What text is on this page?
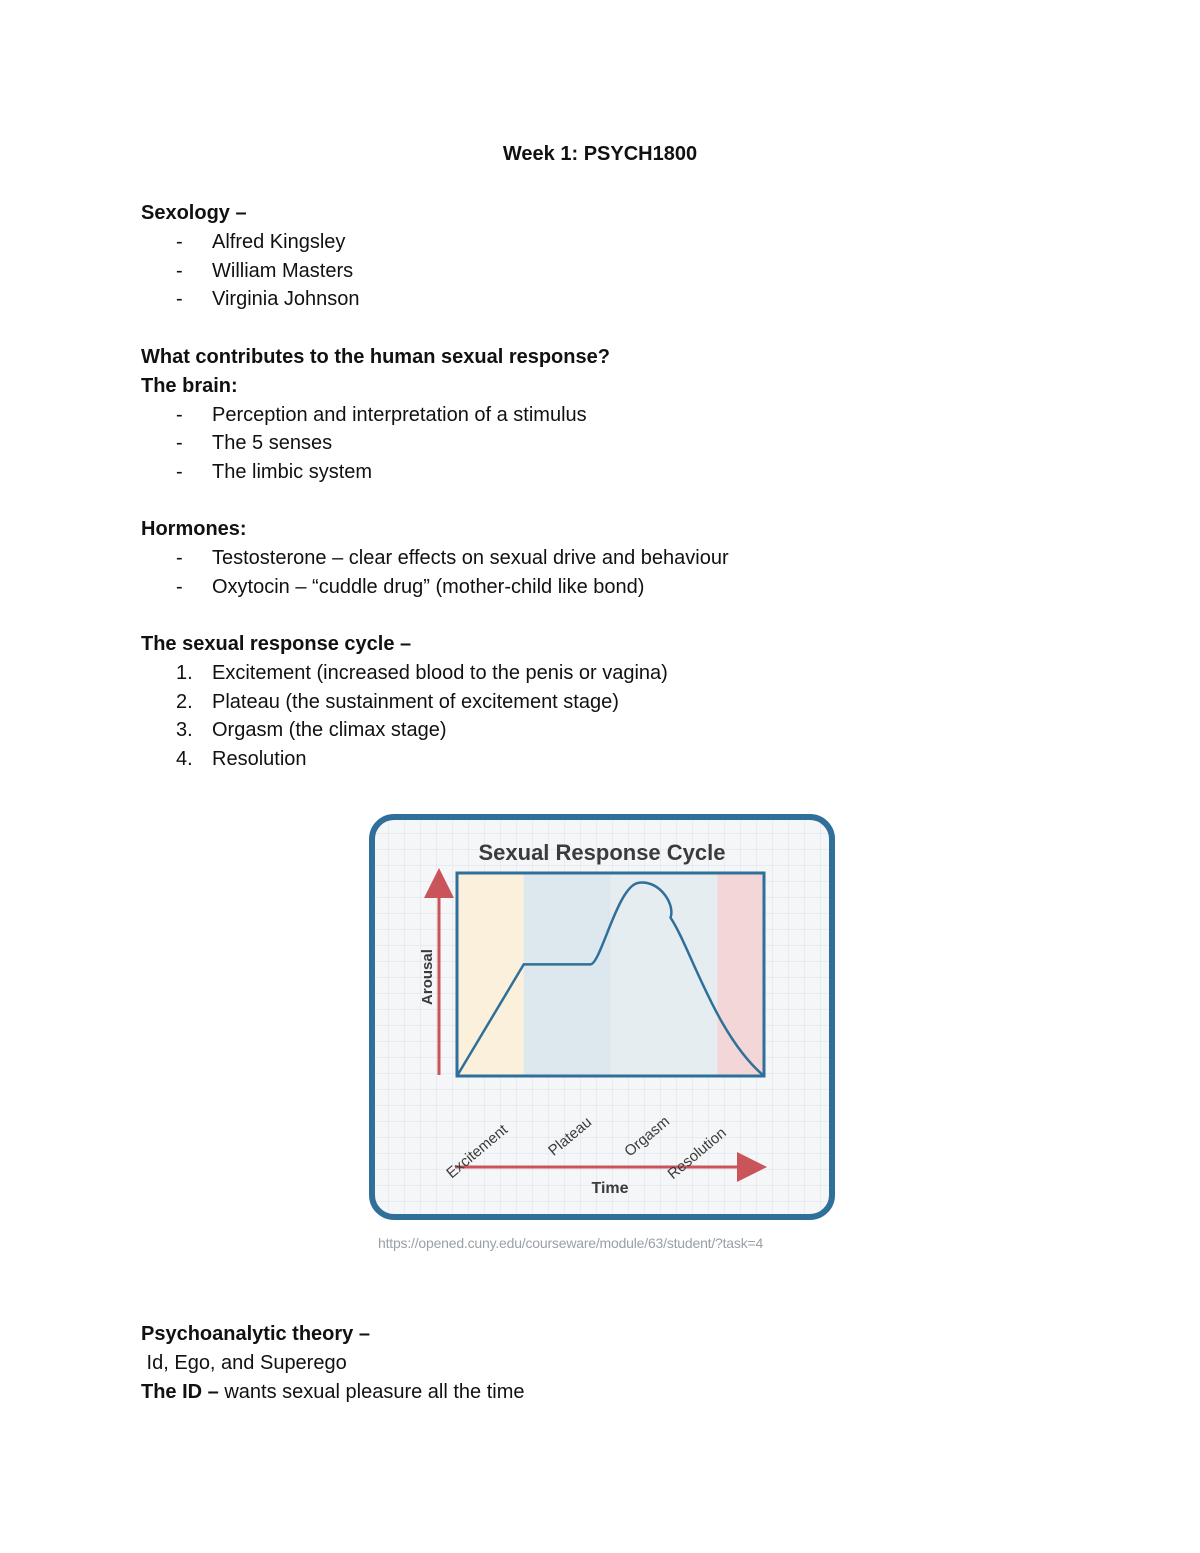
Week 1: PSYCH1800
Sexology –
- Alfred Kingsley
- William Masters
- Virginia Johnson
What contributes to the human sexual response?
The brain:
- Perception and interpretation of a stimulus
- The 5 senses
- The limbic system
Hormones:
- Testosterone – clear effects on sexual drive and behaviour
- Oxytocin – “cuddle drug” (mother-child like bond)
The sexual response cycle –
1. Excitement (increased blood to the penis or vagina)
2. Plateau (the sustainment of excitement stage)
3. Orgasm (the climax stage)
4. Resolution
Sexual Response Cycle
Arousal
Time
Excitement Plateau Orgasm
Resolution
https://opened.cuny.edu/courseware/module/63/student/?task=4
Psychoanalytic theory –
Id, Ego, and Superego
The ID – wants sexual pleasure all the time
